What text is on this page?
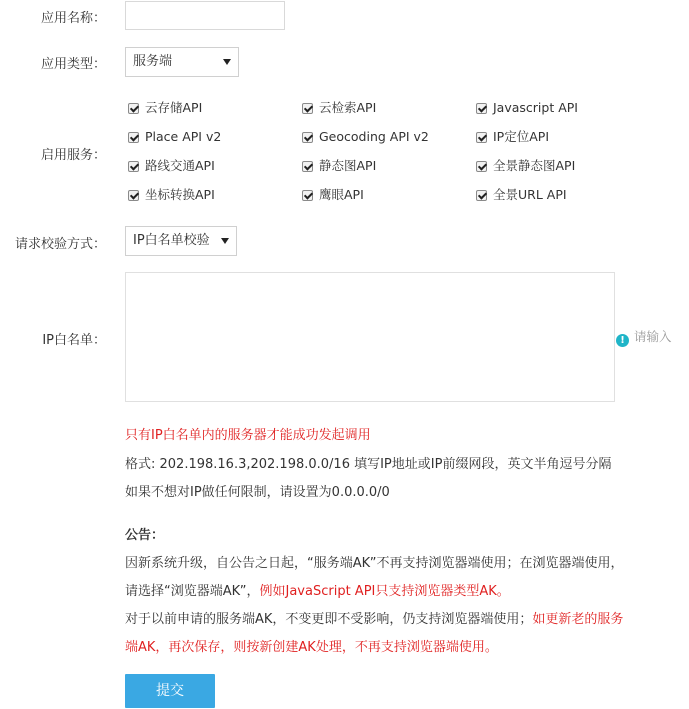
应用名称：
应用类型：	服务端
启用服务：
云存储API	云检索API	Javascript API
Place API v2	Geocoding API v2	IP定位API
路线交通API	静态图API	全景静态图API
坐标转换API	鹰眼API	全景URL API
请求校验方式：	IP白名单校验
IP白名单：	! 请输入
只有IP白名单内的服务器才能成功发起调用
格式: 202.198.16.3,202.198.0.0/16 填写IP地址或IP前缀网段，英文半角逗号分隔
如果不想对IP做任何限制，请设置为0.0.0.0/0
公告：
因新系统升级，自公告之日起，“服务端AK”不再支持浏览器端使用；在浏览器端使用，
请选择“浏览器端AK”，例如JavaScript API只支持浏览器类型AK。
对于以前申请的服务端AK，不变更即不受影响，仍支持浏览器端使用；如更新老的服务
端AK，再次保存，则按新创建AK处理，不再支持浏览器端使用。
提交
